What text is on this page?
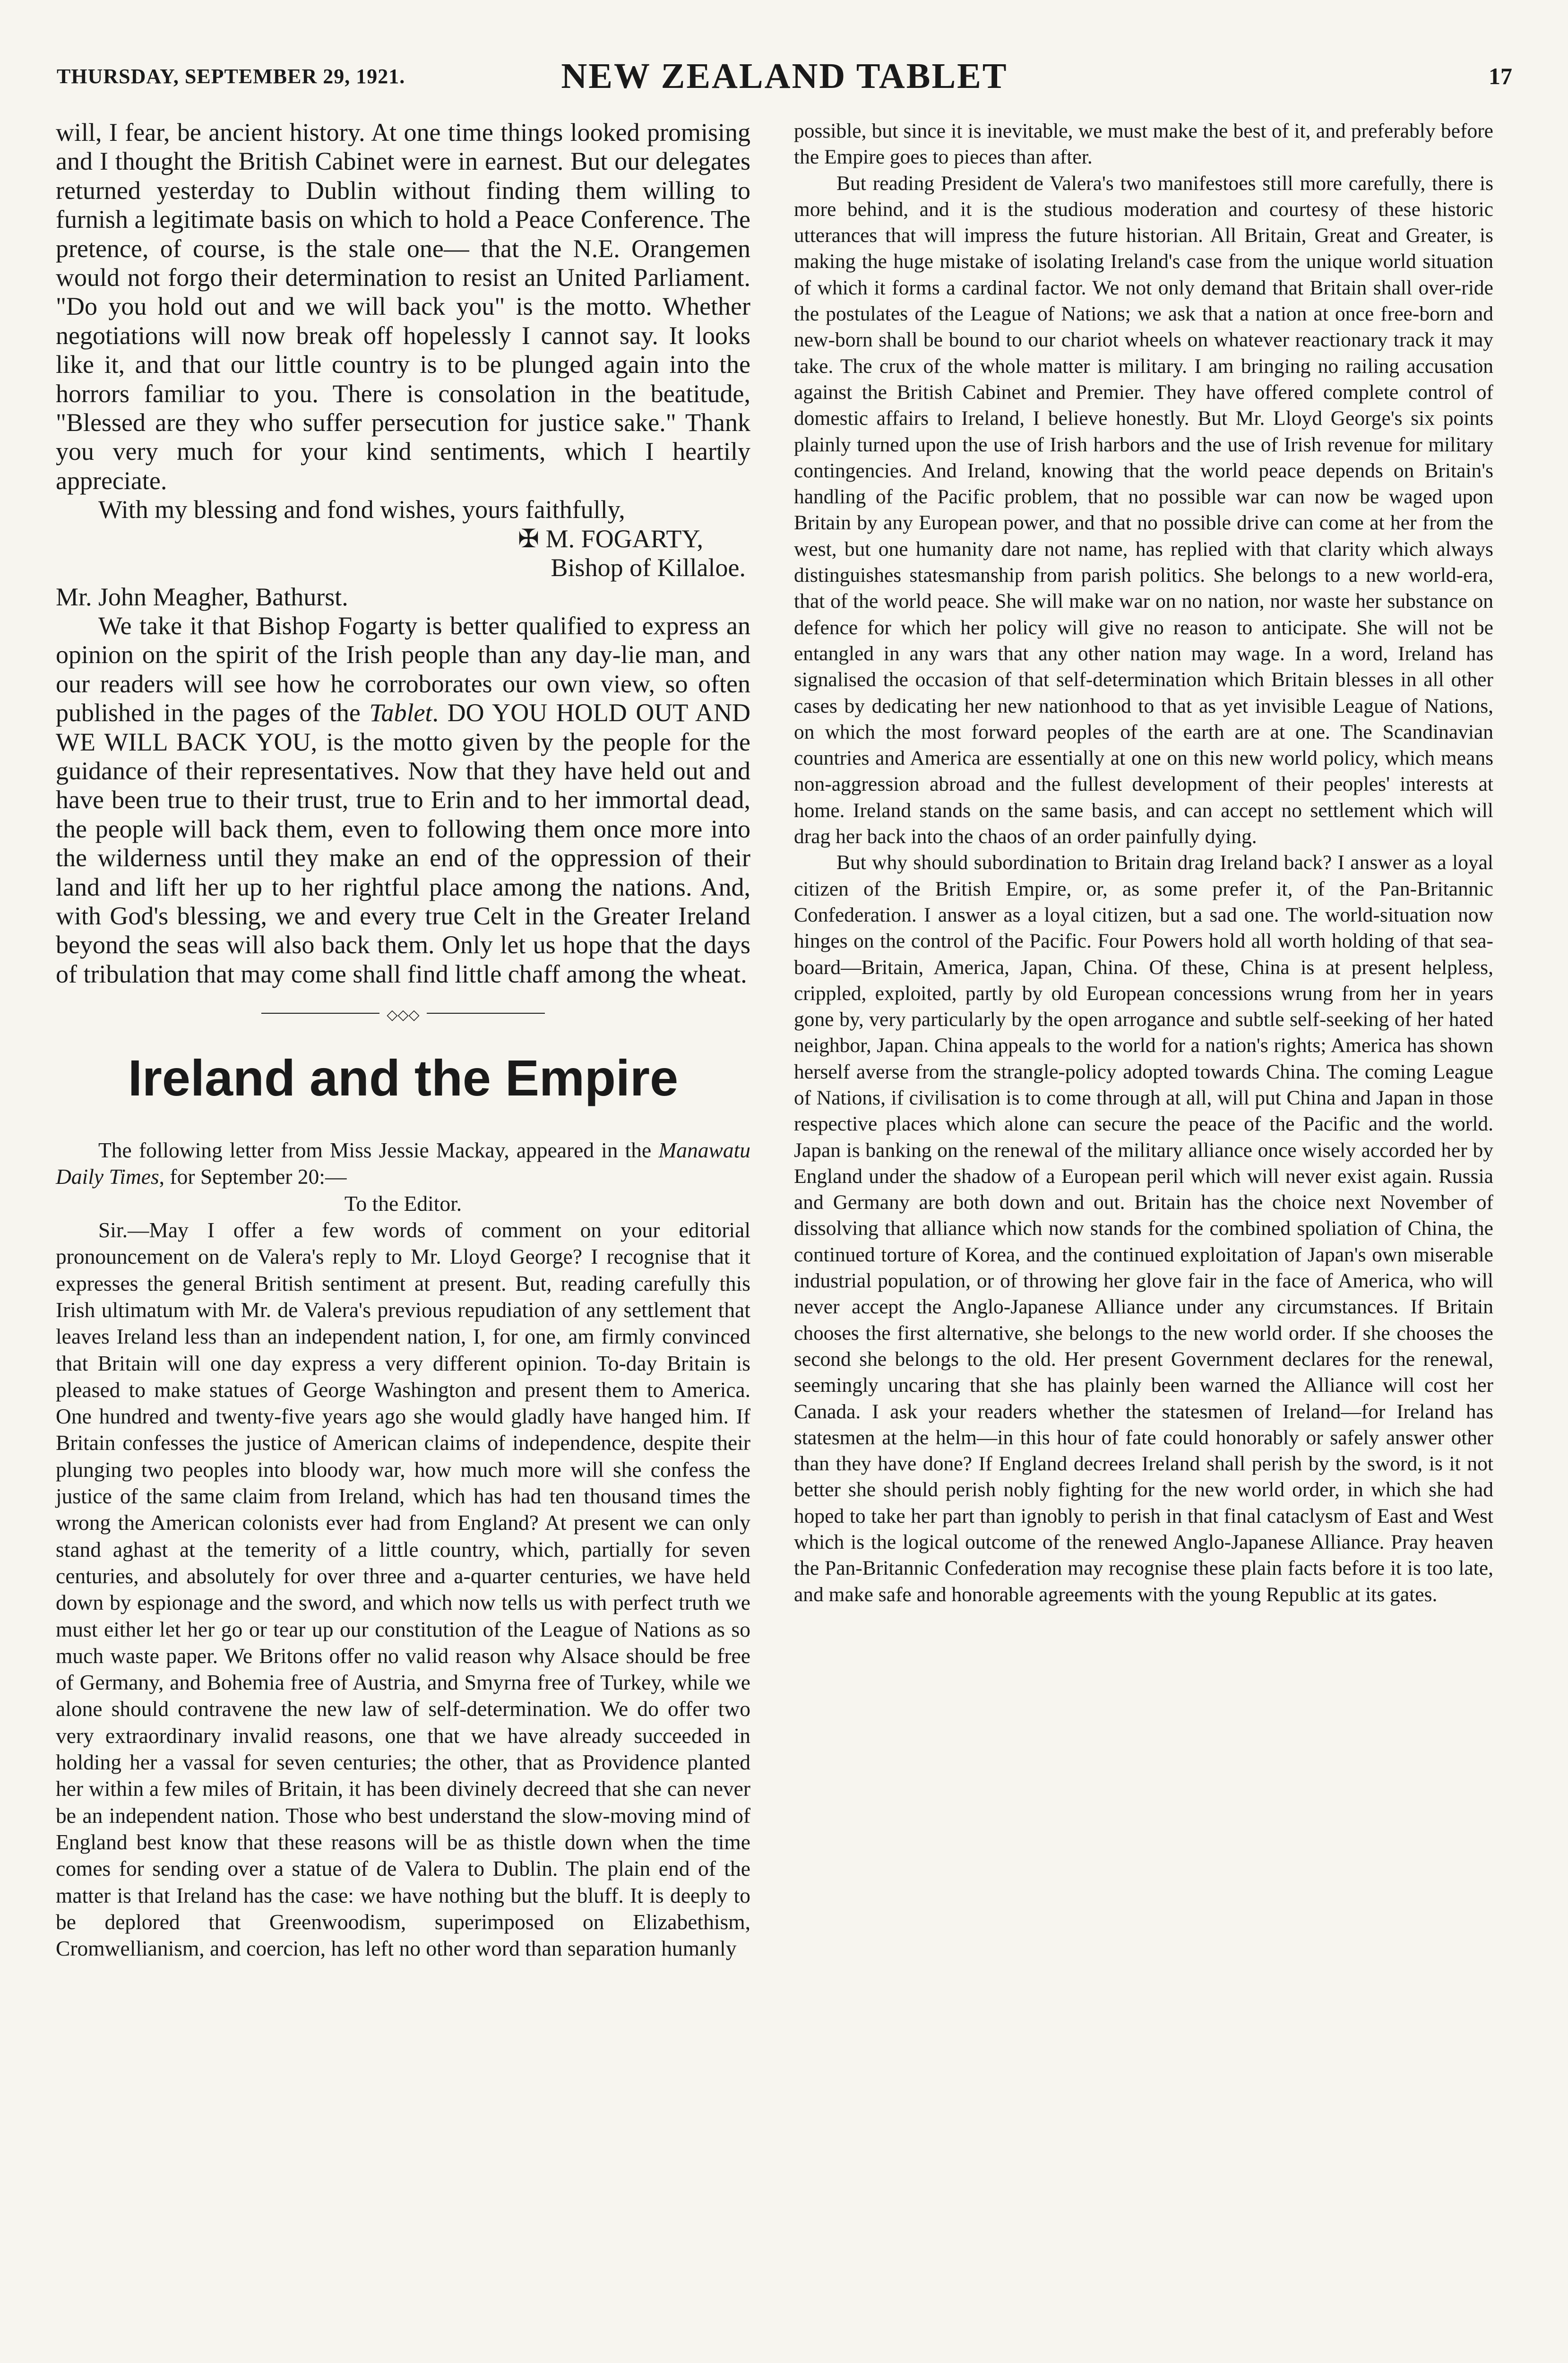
THURSDAY, SEPTEMBER 29, 1921.	NEW ZEALAND TABLET	17

will, I fear, be ancient history. At one time things looked promising and I thought the British Cabinet were in earnest. But our delegates returned yesterday to Dublin without finding them willing to furnish a legitimate basis on which to hold a Peace Conference. The pretence, of course, is the stale one— that the N.E. Orangemen would not forgo their determination to resist an United Parliament. "Do you hold out and we will back you" is the motto. Whether negotiations will now break off hopelessly I cannot say. It looks like it, and that our little country is to be plunged again into the horrors familiar to you. There is consolation in the beatitude, "Blessed are they who suffer persecution for justice sake." Thank you very much for your kind sentiments, which I heartily appreciate.

With my blessing and fond wishes, yours faithfully,

✠ M. FOGARTY,

Bishop of Killaloe.

Mr. John Meagher, Bathurst.

We take it that Bishop Fogarty is better qualified to express an opinion on the spirit of the Irish people than any day-lie man, and our readers will see how he corroborates our own view, so often published in the pages of the Tablet. DO YOU HOLD OUT AND WE WILL BACK YOU, is the motto given by the people for the guidance of their representatives. Now that they have held out and have been true to their trust, true to Erin and to her immortal dead, the people will back them, even to following them once more into the wilderness until they make an end of the oppression of their land and lift her up to her rightful place among the nations. And, with God's blessing, we and every true Celt in the Greater Ireland beyond the seas will also back them. Only let us hope that the days of tribulation that may come shall find little chaff among the wheat.

◇◇◇
Ireland and the Empire

The following letter from Miss Jessie Mackay, appeared in the Manawatu Daily Times, for September 20:—

To the Editor.

Sir.—May I offer a few words of comment on your editorial pronouncement on de Valera's reply to Mr. Lloyd George? I recognise that it expresses the general British sentiment at present. But, reading carefully this Irish ultimatum with Mr. de Valera's previous repudiation of any settlement that leaves Ireland less than an independent nation, I, for one, am firmly convinced that Britain will one day express a very different opinion. To-day Britain is pleased to make statues of George Washington and present them to America. One hundred and twenty-five years ago she would gladly have hanged him. If Britain confesses the justice of American claims of independence, despite their plunging two peoples into bloody war, how much more will she confess the justice of the same claim from Ireland, which has had ten thousand times the wrong the American colonists ever had from England? At present we can only stand aghast at the temerity of a little country, which, partially for seven centuries, and absolutely for over three and a-quarter centuries, we have held down by espionage and the sword, and which now tells us with perfect truth we must either let her go or tear up our constitution of the League of Nations as so much waste paper. We Britons offer no valid reason why Alsace should be free of Germany, and Bohemia free of Austria, and Smyrna free of Turkey, while we alone should contravene the new law of self-determination. We do offer two very extraordinary invalid reasons, one that we have already succeeded in holding her a vassal for seven centuries; the other, that as Providence planted her within a few miles of Britain, it has been divinely decreed that she can never be an independent nation. Those who best understand the slow-moving mind of England best know that these reasons will be as thistle down when the time comes for sending over a statue of de Valera to Dublin. The plain end of the matter is that Ireland has the case: we have nothing but the bluff. It is deeply to be deplored that Greenwoodism, superimposed on Elizabethism, Cromwellianism, and coercion, has left no other word than separation humanly

possible, but since it is inevitable, we must make the best of it, and preferably before the Empire goes to pieces than after.

But reading President de Valera's two manifestoes still more carefully, there is more behind, and it is the studious moderation and courtesy of these historic utterances that will impress the future historian. All Britain, Great and Greater, is making the huge mistake of isolating Ireland's case from the unique world situation of which it forms a cardinal factor. We not only demand that Britain shall over-ride the postulates of the League of Nations; we ask that a nation at once free-born and new-born shall be bound to our chariot wheels on whatever reactionary track it may take. The crux of the whole matter is military. I am bringing no railing accusation against the British Cabinet and Premier. They have offered complete control of domestic affairs to Ireland, I believe honestly. But Mr. Lloyd George's six points plainly turned upon the use of Irish harbors and the use of Irish revenue for military contingencies. And Ireland, knowing that the world peace depends on Britain's handling of the Pacific problem, that no possible war can now be waged upon Britain by any European power, and that no possible drive can come at her from the west, but one humanity dare not name, has replied with that clarity which always distinguishes statesmanship from parish politics. She belongs to a new world-era, that of the world peace. She will make war on no nation, nor waste her substance on defence for which her policy will give no reason to anticipate. She will not be entangled in any wars that any other nation may wage. In a word, Ireland has signalised the occasion of that self-determination which Britain blesses in all other cases by dedicating her new nationhood to that as yet invisible League of Nations, on which the most forward peoples of the earth are at one. The Scandinavian countries and America are essentially at one on this new world policy, which means non-aggression abroad and the fullest development of their peoples' interests at home. Ireland stands on the same basis, and can accept no settlement which will drag her back into the chaos of an order painfully dying.

But why should subordination to Britain drag Ireland back? I answer as a loyal citizen of the British Empire, or, as some prefer it, of the Pan-Britannic Confederation. I answer as a loyal citizen, but a sad one. The world-situation now hinges on the control of the Pacific. Four Powers hold all worth holding of that sea-board—Britain, America, Japan, China. Of these, China is at present helpless, crippled, exploited, partly by old European concessions wrung from her in years gone by, very particularly by the open arrogance and subtle self-seeking of her hated neighbor, Japan. China appeals to the world for a nation's rights; America has shown herself averse from the strangle-policy adopted towards China. The coming League of Nations, if civilisation is to come through at all, will put China and Japan in those respective places which alone can secure the peace of the Pacific and the world. Japan is banking on the renewal of the military alliance once wisely accorded her by England under the shadow of a European peril which will never exist again. Russia and Germany are both down and out. Britain has the choice next November of dissolving that alliance which now stands for the combined spoliation of China, the continued torture of Korea, and the continued exploitation of Japan's own miserable industrial population, or of throwing her glove fair in the face of America, who will never accept the Anglo-Japanese Alliance under any circumstances. If Britain chooses the first alternative, she belongs to the new world order. If she chooses the second she belongs to the old. Her present Government declares for the renewal, seemingly uncaring that she has plainly been warned the Alliance will cost her Canada. I ask your readers whether the statesmen of Ireland—for Ireland has statesmen at the helm—in this hour of fate could honorably or safely answer other than they have done? If England decrees Ireland shall perish by the sword, is it not better she should perish nobly fighting for the new world order, in which she had hoped to take her part than ignobly to perish in that final cataclysm of East and West which is the logical outcome of the renewed Anglo-Japanese Alliance. Pray heaven the Pan-Britannic Confederation may recognise these plain facts before it is too late, and make safe and honorable agreements with the young Republic at its gates.
